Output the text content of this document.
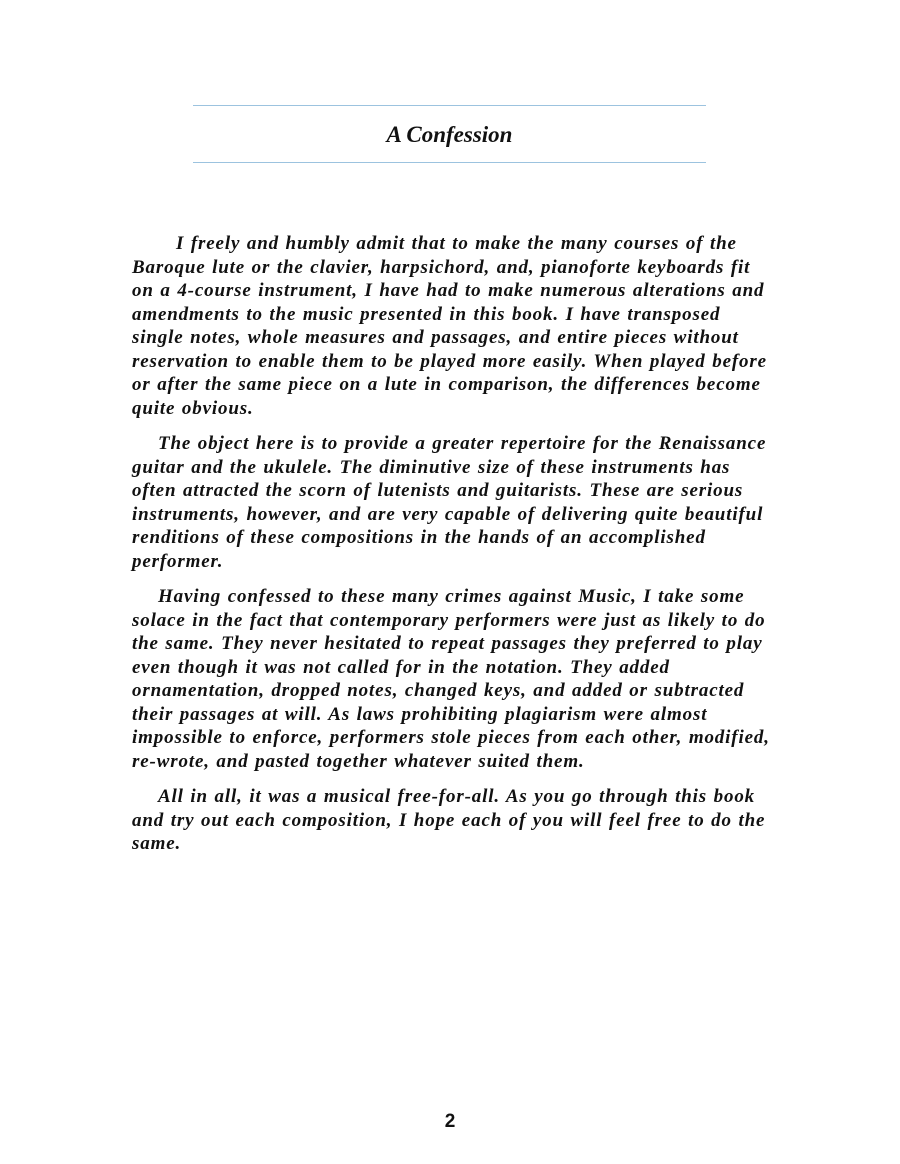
A Confession

I freely and humbly admit that to make the many courses of the Baroque lute or the clavier, harpsichord, and, pianoforte keyboards fit on a 4-course instrument, I have had to make numerous alterations and amendments to the music presented in this book. I have transposed single notes, whole measures and passages, and entire pieces without reservation to enable them to be played more easily. When played before or after the same piece on a lute in comparison, the differences become quite obvious.

The object here is to provide a greater repertoire for the Renaissance guitar and the ukulele. The diminutive size of these instruments has often attracted the scorn of lutenists and guitarists. These are serious instruments, however, and are very capable of delivering quite beautiful renditions of these compositions in the hands of an accomplished performer.

Having confessed to these many crimes against Music, I take some solace in the fact that contemporary performers were just as likely to do the same. They never hesitated to repeat passages they preferred to play even though it was not called for in the notation. They added ornamentation, dropped notes, changed keys, and added or subtracted their passages at will. As laws prohibiting plagiarism were almost impossible to enforce, performers stole pieces from each other, modified, re-wrote, and pasted together whatever suited them.

All in all, it was a musical free-for-all. As you go through this book and try out each composition, I hope each of you will feel free to do the same.

2
